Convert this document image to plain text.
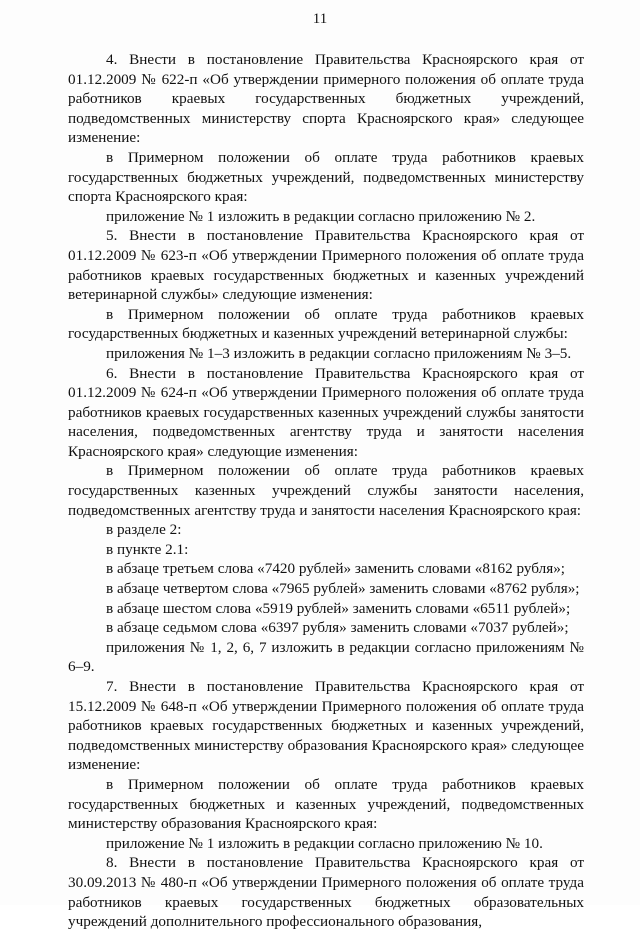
11

4. Внести в постановление Правительства Красноярского края от 01.12.2009 № 622-п «Об утверждении примерного положения об оплате труда работников краевых государственных бюджетных учреждений, подведомственных министерству спорта Красноярского края» следующее изменение:

в Примерном положении об оплате труда работников краевых государственных бюджетных учреждений, подведомственных министерству спорта Красноярского края:

приложение № 1 изложить в редакции согласно приложению № 2.

5. Внести в постановление Правительства Красноярского края от 01.12.2009 № 623-п «Об утверждении Примерного положения об оплате труда работников краевых государственных бюджетных и казенных учреждений ветеринарной службы» следующие изменения:

в Примерном положении об оплате труда работников краевых государственных бюджетных и казенных учреждений ветеринарной службы:

приложения № 1–3 изложить в редакции согласно приложениям № 3–5.

6. Внести в постановление Правительства Красноярского края от 01.12.2009 № 624-п «Об утверждении Примерного положения об оплате труда работников краевых государственных казенных учреждений службы занятости населения, подведомственных агентству труда и занятости населения Красноярского края» следующие изменения:

в Примерном положении об оплате труда работников краевых государственных казенных учреждений службы занятости населения, подведомственных агентству труда и занятости населения Красноярского края:

в разделе 2:

в пункте 2.1:

в абзаце третьем слова «7420 рублей» заменить словами «8162 рубля»;

в абзаце четвертом слова «7965 рублей» заменить словами «8762 рубля»;

в абзаце шестом слова «5919 рублей» заменить словами «6511 рублей»;

в абзаце седьмом слова «6397 рубля» заменить словами «7037 рублей»;

приложения № 1, 2, 6, 7 изложить в редакции согласно приложениям № 6–9.

7. Внести в постановление Правительства Красноярского края от 15.12.2009 № 648-п «Об утверждении Примерного положения об оплате труда работников краевых государственных бюджетных и казенных учреждений, подведомственных министерству образования Красноярского края» следующее изменение:

в Примерном положении об оплате труда работников краевых государственных бюджетных и казенных учреждений, подведомственных министерству образования Красноярского края:

приложение № 1 изложить в редакции согласно приложению № 10.

8. Внести в постановление Правительства Красноярского края от 30.09.2013 № 480-п «Об утверждении Примерного положения об оплате труда работников краевых государственных бюджетных образовательных учреждений дополнительного профессионального образования,
